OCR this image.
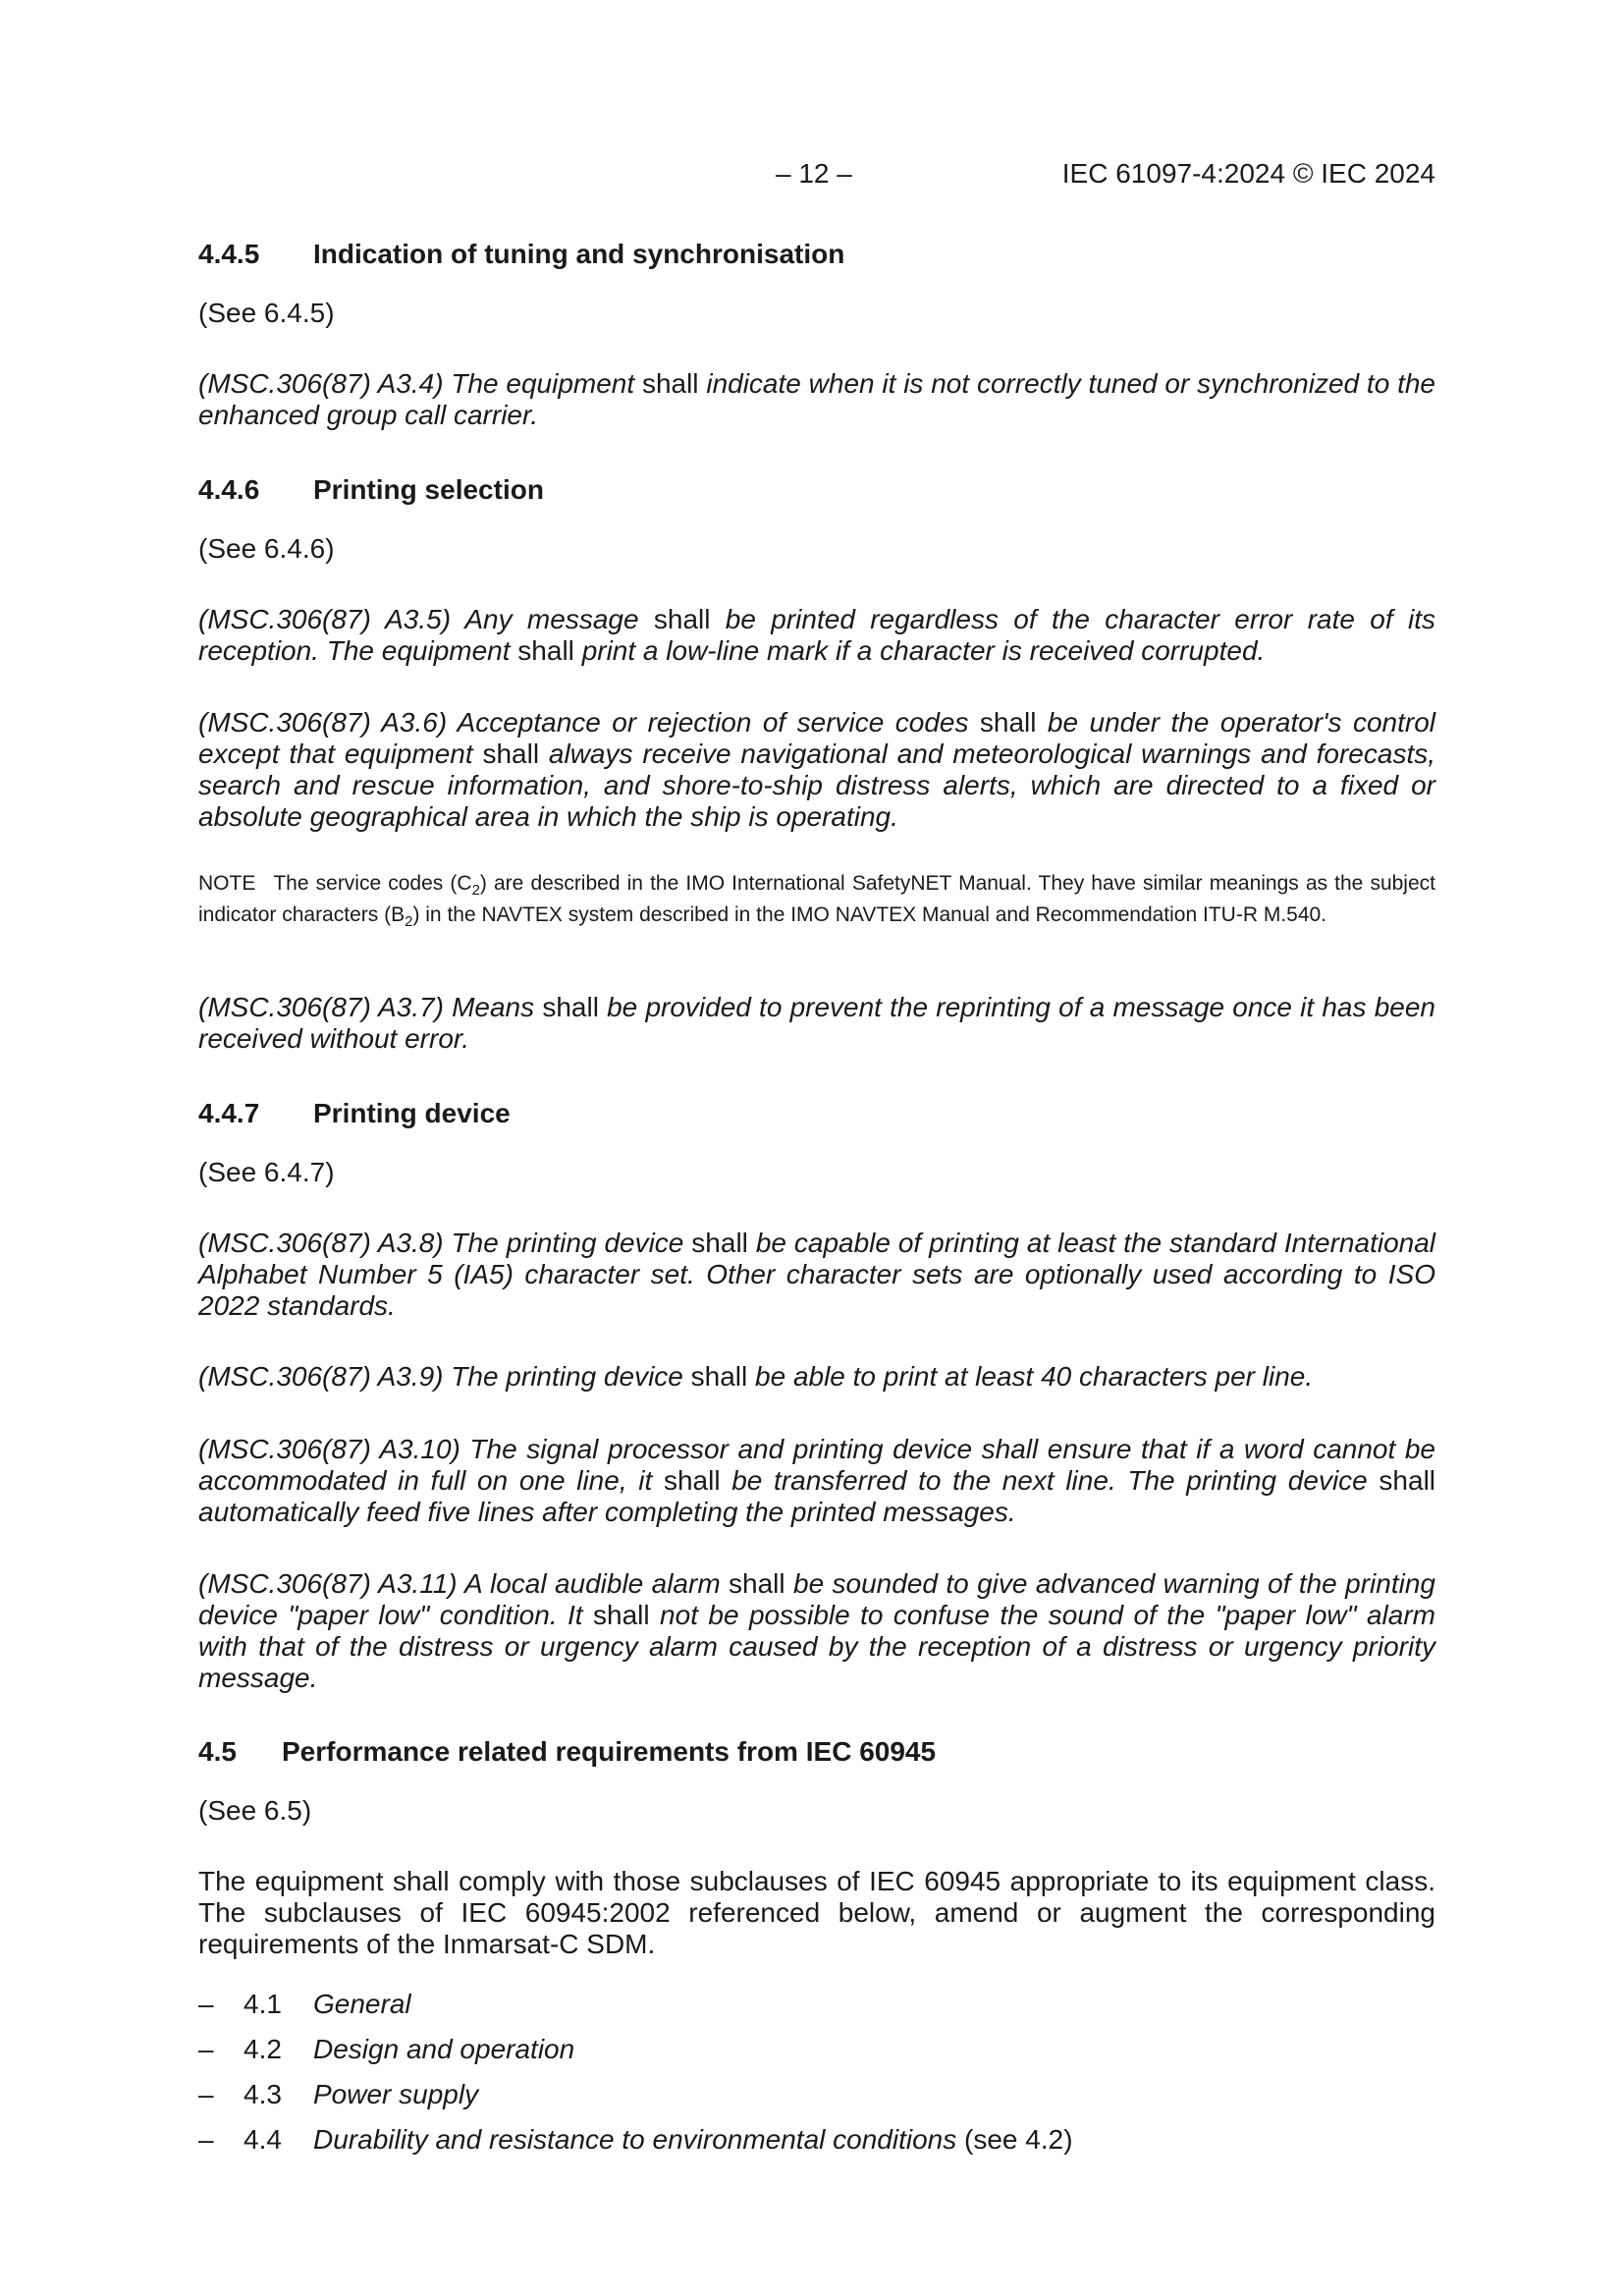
– 12 –	IEC 61097-4:2024 © IEC 2024
4.4.5 Indication of tuning and synchronisation
(See 6.4.5)

(MSC.306(87) A3.4) The equipment shall indicate when it is not correctly tuned or synchronized to the enhanced group call carrier.

4.4.6 Printing selection
(See 6.4.6)

(MSC.306(87) A3.5) Any message shall be printed regardless of the character error rate of its reception. The equipment shall print a low-line mark if a character is received corrupted.

(MSC.306(87) A3.6) Acceptance or rejection of service codes shall be under the operator's control except that equipment shall always receive navigational and meteorological warnings and forecasts, search and rescue information, and shore-to-ship distress alerts, which are directed to a fixed or absolute geographical area in which the ship is operating.

NOTE The service codes $(C_2)$ are described in the IMO International SafetyNET Manual. They have similar meanings as the subject indicator characters $(B_2)$ in the NAVTEX system described in the IMO NAVTEX Manual and Recommendation ITU-R M.540.

(MSC.306(87) A3.7) Means shall be provided to prevent the reprinting of a message once it has been received without error.

4.4.7 Printing device
(See 6.4.7)

(MSC.306(87) A3.8) The printing device shall be capable of printing at least the standard International Alphabet Number 5 (IA5) character set. Other character sets are optionally used according to ISO 2022 standards.

(MSC.306(87) A3.9) The printing device shall be able to print at least 40 characters per line.

(MSC.306(87) A3.10) The signal processor and printing device shall ensure that if a word cannot be accommodated in full on one line, it shall be transferred to the next line. The printing device shall automatically feed five lines after completing the printed messages.

(MSC.306(87) A3.11) A local audible alarm shall be sounded to give advanced warning of the printing device "paper low" condition. It shall not be possible to confuse the sound of the "paper low" alarm with that of the distress or urgency alarm caused by the reception of a distress or urgency priority message.

4.5 Performance related requirements from IEC 60945
(See 6.5)

The equipment shall comply with those subclauses of IEC 60945 appropriate to its equipment class. The subclauses of IEC 60945:2002 referenced below, amend or augment the corresponding requirements of the Inmarsat-C SDM.

– 4.1 General
– 4.2 Design and operation
– 4.3 Power supply
– 4.4 Durability and resistance to environmental conditions (see 4.2)
